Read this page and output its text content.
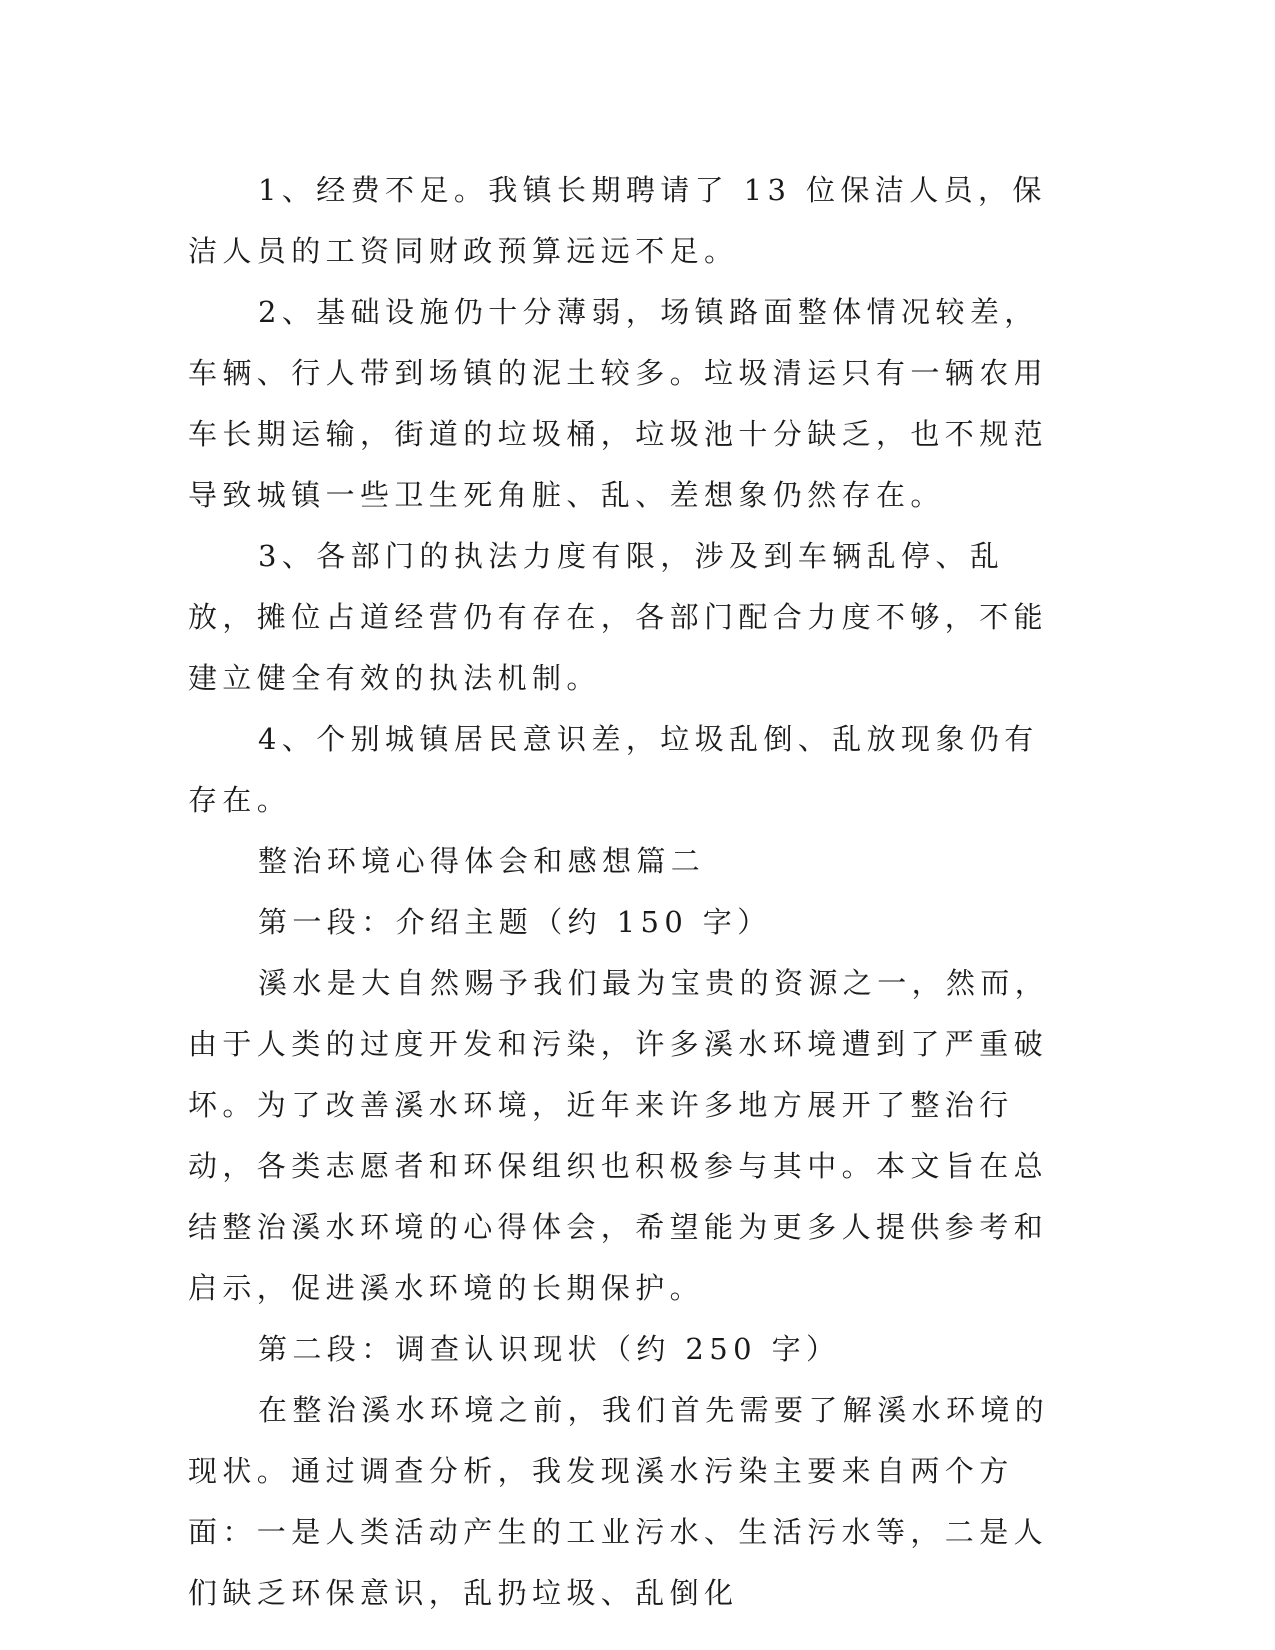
1、经费不足。我镇长期聘请了 13 位保洁人员，保洁人员的工资同财政预算远远不足。

2、基础设施仍十分薄弱，场镇路面整体情况较差，车辆、行人带到场镇的泥土较多。垃圾清运只有一辆农用车长期运输，街道的垃圾桶，垃圾池十分缺乏，也不规范导致城镇一些卫生死角脏、乱、差想象仍然存在。

3、各部门的执法力度有限，涉及到车辆乱停、乱放，摊位占道经营仍有存在，各部门配合力度不够，不能建立健全有效的执法机制。

4、个别城镇居民意识差，垃圾乱倒、乱放现象仍有存在。

整治环境心得体会和感想篇二

第一段：介绍主题（约 150 字）

溪水是大自然赐予我们最为宝贵的资源之一，然而，由于人类的过度开发和污染，许多溪水环境遭到了严重破坏。为了改善溪水环境，近年来许多地方展开了整治行动，各类志愿者和环保组织也积极参与其中。本文旨在总结整治溪水环境的心得体会，希望能为更多人提供参考和启示，促进溪水环境的长期保护。

第二段：调查认识现状（约 250 字）

在整治溪水环境之前，我们首先需要了解溪水环境的现状。通过调查分析，我发现溪水污染主要来自两个方面：一是人类活动产生的工业污水、生活污水等，二是人们缺乏环保意识，乱扔垃圾、乱倒化
